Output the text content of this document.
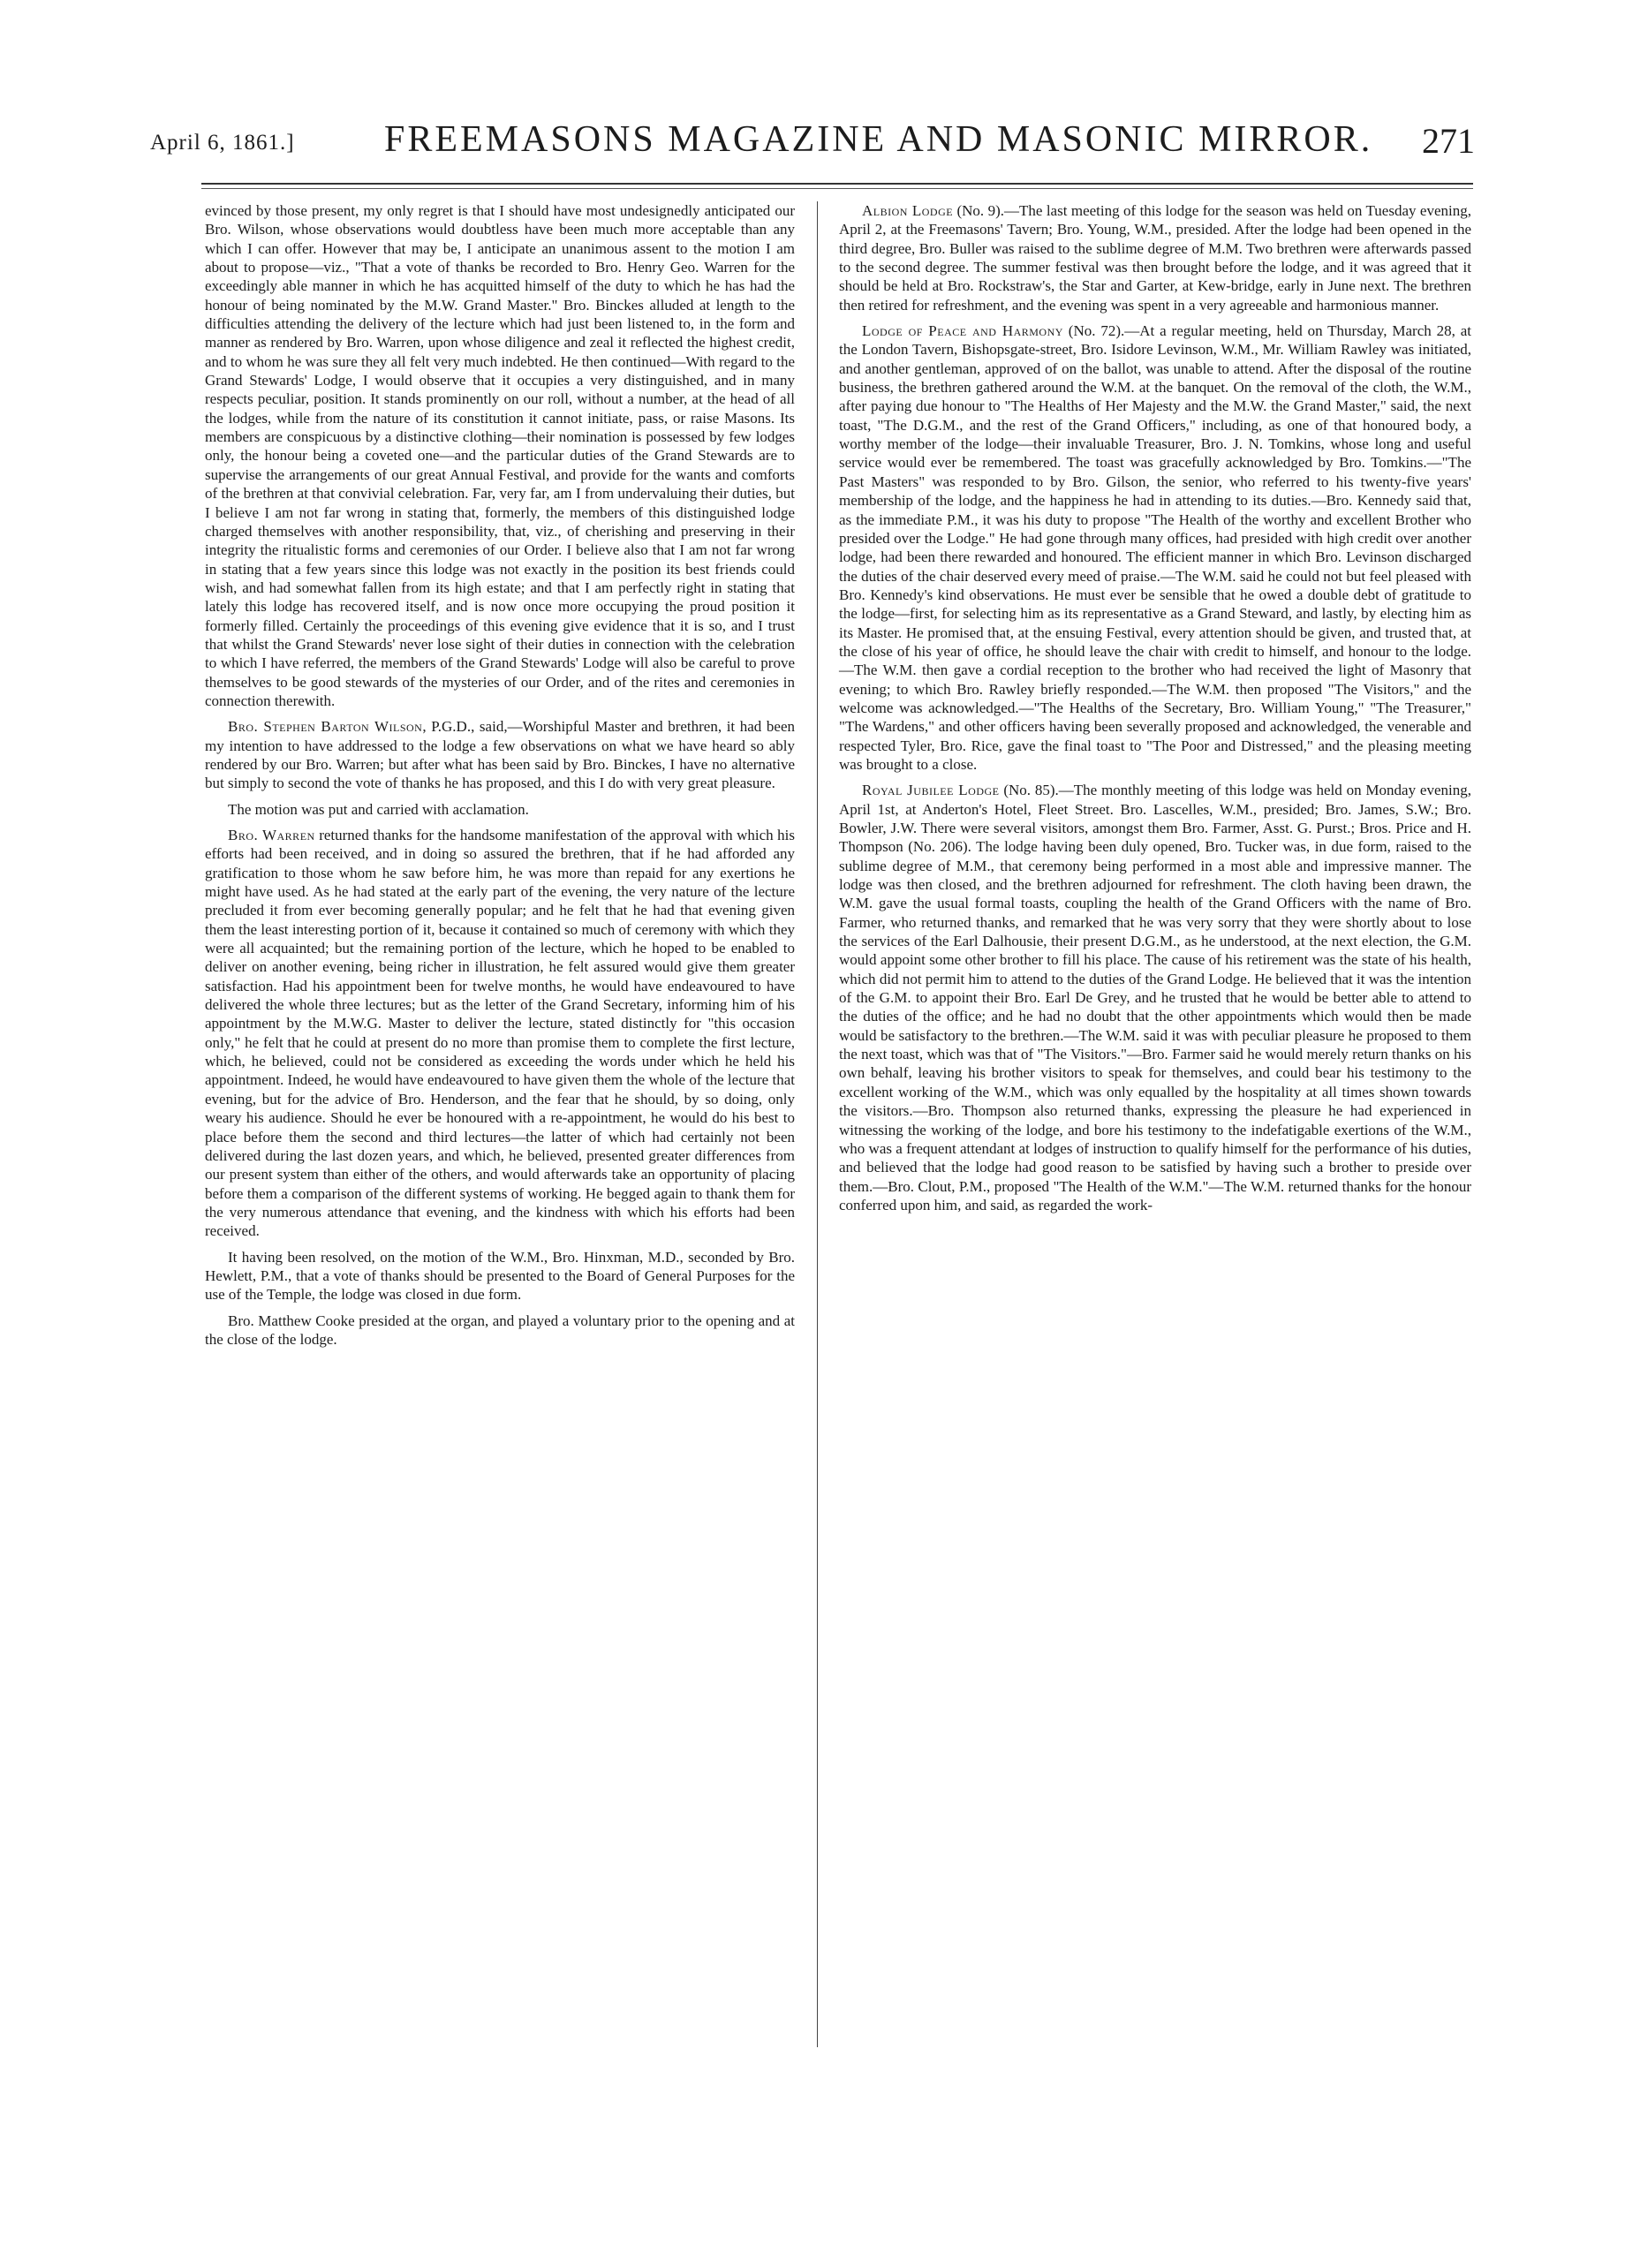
April 6, 1861.] FREEMASONS MAGAZINE AND MASONIC MIRROR. 271

evinced by those present, my only regret is that I should have most undesignedly anticipated our Bro. Wilson, whose observations would doubtless have been much more acceptable than any which I can offer. However that may be, I anticipate an unanimous assent to the motion I am about to propose—viz., "That a vote of thanks be recorded to Bro. Henry Geo. Warren for the exceedingly able manner in which he has acquitted himself of the duty to which he has had the honour of being nominated by the M.W. Grand Master." Bro. Binckes alluded at length to the difficulties attending the delivery of the lecture which had just been listened to, in the form and manner as rendered by Bro. Warren, upon whose diligence and zeal it reflected the highest credit, and to whom he was sure they all felt very much indebted. He then continued—With regard to the Grand Stewards' Lodge, I would observe that it occupies a very distinguished, and in many respects peculiar, position. It stands prominently on our roll, without a number, at the head of all the lodges, while from the nature of its constitution it cannot initiate, pass, or raise Masons. Its members are conspicuous by a distinctive clothing—their nomination is possessed by few lodges only, the honour being a coveted one—and the particular duties of the Grand Stewards are to supervise the arrangements of our great Annual Festival, and provide for the wants and comforts of the brethren at that convivial celebration. Far, very far, am I from undervaluing their duties, but I believe I am not far wrong in stating that, formerly, the members of this distinguished lodge charged themselves with another responsibility, that, viz., of cherishing and preserving in their integrity the ritualistic forms and ceremonies of our Order. I believe also that I am not far wrong in stating that a few years since this lodge was not exactly in the position its best friends could wish, and had somewhat fallen from its high estate; and that I am perfectly right in stating that lately this lodge has recovered itself, and is now once more occupying the proud position it formerly filled. Certainly the proceedings of this evening give evidence that it is so, and I trust that whilst the Grand Stewards' never lose sight of their duties in connection with the celebration to which I have referred, the members of the Grand Stewards' Lodge will also be careful to prove themselves to be good stewards of the mysteries of our Order, and of the rites and ceremonies in connection therewith.

Bro. Stephen Barton Wilson, P.G.D., said,—Worshipful Master and brethren, it had been my intention to have addressed to the lodge a few observations on what we have heard so ably rendered by our Bro. Warren; but after what has been said by Bro. Binckes, I have no alternative but simply to second the vote of thanks he has proposed, and this I do with very great pleasure.

The motion was put and carried with acclamation.

Bro. Warren returned thanks for the handsome manifestation of the approval with which his efforts had been received, and in doing so assured the brethren, that if he had afforded any gratification to those whom he saw before him, he was more than repaid for any exertions he might have used. As he had stated at the early part of the evening, the very nature of the lecture precluded it from ever becoming generally popular; and he felt that he had that evening given them the least interesting portion of it, because it contained so much of ceremony with which they were all acquainted; but the remaining portion of the lecture, which he hoped to be enabled to deliver on another evening, being richer in illustration, he felt assured would give them greater satisfaction. Had his appointment been for twelve months, he would have endeavoured to have delivered the whole three lectures; but as the letter of the Grand Secretary, informing him of his appointment by the M.W.G. Master to deliver the lecture, stated distinctly for "this occasion only," he felt that he could at present do no more than promise them to complete the first lecture, which, he believed, could not be considered as exceeding the words under which he held his appointment. Indeed, he would have endeavoured to have given them the whole of the lecture that evening, but for the advice of Bro. Henderson, and the fear that he should, by so doing, only weary his audience. Should he ever be honoured with a re-appointment, he would do his best to place before them the second and third lectures—the latter of which had certainly not been delivered during the last dozen years, and which, he believed, presented greater differences from our present system than either of the others, and would afterwards take an opportunity of placing before them a comparison of the different systems of working. He begged again to thank them for the very numerous attendance that evening, and the kindness with which his efforts had been received.

It having been resolved, on the motion of the W.M., Bro. Hinxman, M.D., seconded by Bro. Hewlett, P.M., that a vote of thanks should be presented to the Board of General Purposes for the use of the Temple, the lodge was closed in due form.

Bro. Matthew Cooke presided at the organ, and played a voluntary prior to the opening and at the close of the lodge.

Albion Lodge (No. 9).—The last meeting of this lodge for the season was held on Tuesday evening, April 2, at the Freemasons' Tavern; Bro. Young, W.M., presided. After the lodge had been opened in the third degree, Bro. Buller was raised to the sublime degree of M.M. Two brethren were afterwards passed to the second degree. The summer festival was then brought before the lodge, and it was agreed that it should be held at Bro. Rockstraw's, the Star and Garter, at Kew-bridge, early in June next. The brethren then retired for refreshment, and the evening was spent in a very agreeable and harmonious manner.

Lodge of Peace and Harmony (No. 72).—At a regular meeting, held on Thursday, March 28, at the London Tavern, Bishopsgate-street, Bro. Isidore Levinson, W.M., Mr. William Rawley was initiated, and another gentleman, approved of on the ballot, was unable to attend. After the disposal of the routine business, the brethren gathered around the W.M. at the banquet. On the removal of the cloth, the W.M., after paying due honour to "The Healths of Her Majesty and the M.W. the Grand Master," said, the next toast, "The D.G.M., and the rest of the Grand Officers," including, as one of that honoured body, a worthy member of the lodge—their invaluable Treasurer, Bro. J. N. Tomkins, whose long and useful service would ever be remembered. The toast was gracefully acknowledged by Bro. Tomkins.—"The Past Masters" was responded to by Bro. Gilson, the senior, who referred to his twenty-five years' membership of the lodge, and the happiness he had in attending to its duties.—Bro. Kennedy said that, as the immediate P.M., it was his duty to propose "The Health of the worthy and excellent Brother who presided over the Lodge." He had gone through many offices, had presided with high credit over another lodge, had been there rewarded and honoured. The efficient manner in which Bro. Levinson discharged the duties of the chair deserved every meed of praise.—The W.M. said he could not but feel pleased with Bro. Kennedy's kind observations. He must ever be sensible that he owed a double debt of gratitude to the lodge—first, for selecting him as its representative as a Grand Steward, and lastly, by electing him as its Master. He promised that, at the ensuing Festival, every attention should be given, and trusted that, at the close of his year of office, he should leave the chair with credit to himself, and honour to the lodge.—The W.M. then gave a cordial reception to the brother who had received the light of Masonry that evening; to which Bro. Rawley briefly responded.—The W.M. then proposed "The Visitors," and the welcome was acknowledged.—"The Healths of the Secretary, Bro. William Young," "The Treasurer," "The Wardens," and other officers having been severally proposed and acknowledged, the venerable and respected Tyler, Bro. Rice, gave the final toast to "The Poor and Distressed," and the pleasing meeting was brought to a close.

Royal Jubilee Lodge (No. 85).—The monthly meeting of this lodge was held on Monday evening, April 1st, at Anderton's Hotel, Fleet Street. Bro. Lascelles, W.M., presided; Bro. James, S.W.; Bro. Bowler, J.W. There were several visitors, amongst them Bro. Farmer, Asst. G. Purst.; Bros. Price and H. Thompson (No. 206). The lodge having been duly opened, Bro. Tucker was, in due form, raised to the sublime degree of M.M., that ceremony being performed in a most able and impressive manner. The lodge was then closed, and the brethren adjourned for refreshment. The cloth having been drawn, the W.M. gave the usual formal toasts, coupling the health of the Grand Officers with the name of Bro. Farmer, who returned thanks, and remarked that he was very sorry that they were shortly about to lose the services of the Earl Dalhousie, their present D.G.M., as he understood, at the next election, the G.M. would appoint some other brother to fill his place. The cause of his retirement was the state of his health, which did not permit him to attend to the duties of the Grand Lodge. He believed that it was the intention of the G.M. to appoint their Bro. Earl De Grey, and he trusted that he would be better able to attend to the duties of the office; and he had no doubt that the other appointments which would then be made would be satisfactory to the brethren.—The W.M. said it was with peculiar pleasure he proposed to them the next toast, which was that of "The Visitors."—Bro. Farmer said he would merely return thanks on his own behalf, leaving his brother visitors to speak for themselves, and could bear his testimony to the excellent working of the W.M., which was only equalled by the hospitality at all times shown towards the visitors.—Bro. Thompson also returned thanks, expressing the pleasure he had experienced in witnessing the working of the lodge, and bore his testimony to the indefatigable exertions of the W.M., who was a frequent attendant at lodges of instruction to qualify himself for the performance of his duties, and believed that the lodge had good reason to be satisfied by having such a brother to preside over them.—Bro. Clout, P.M., proposed "The Health of the W.M."—The W.M. returned thanks for the honour conferred upon him, and said, as regarded the work-
